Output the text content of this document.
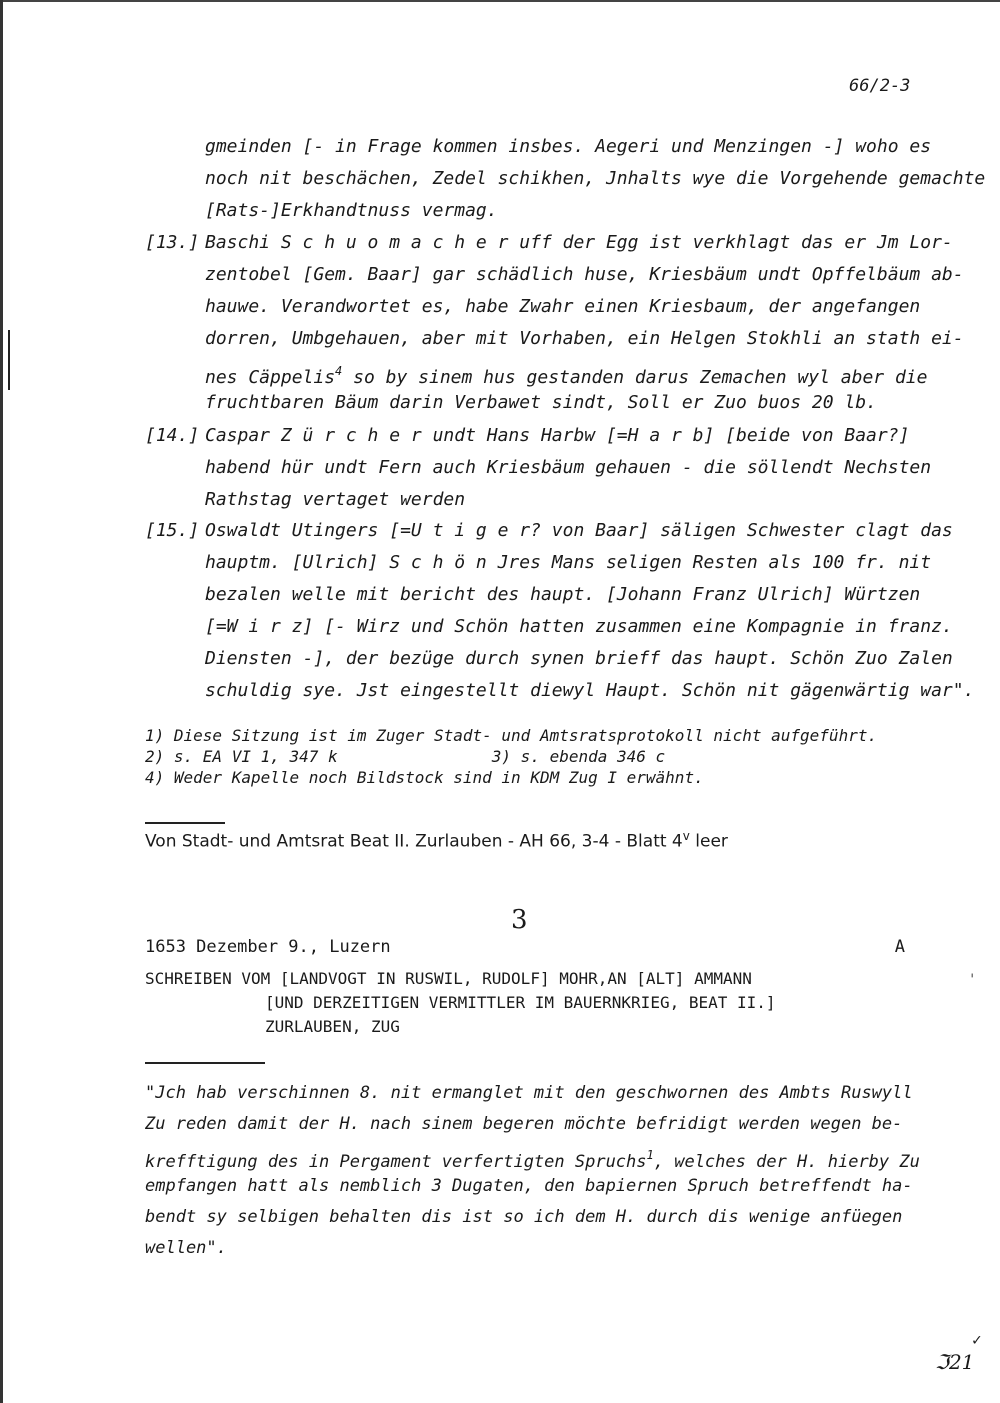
66/2-3
gmeinden [- in Frage kommen insbes. Aegeri und Menzingen -] woho es
noch nit beschächen, Zedel schikhen, Jnhalts wye die Vorgehende gemachte
[Rats-]Erkhandtnuss vermag.
[13.] Baschi S c h u o m a c h e r uff der Egg ist verkhlagt das er Jm Lor-
zentobel [Gem. Baar] gar schädlich huse, Kriesbäum undt Opffelbäum ab-
hauwe. Verandwortet es, habe Zwahr einen Kriesbaum, der angefangen
dorren, Umbgehauen, aber mit Vorhaben, ein Helgen Stokhli an stath ei-
nes Cäppelis$^4$ so by sinem hus gestanden darus Zemachen wyl aber die
fruchtbaren Bäum darin Verbawet sindt, Soll er Zuo buos 20 lb.
[14.] Caspar Z ü r c h e r undt Hans Harbw [=H a r b] [beide von Baar?]
habend hür undt Fern auch Kriesbäum gehauen - die söllendt Nechsten
Rathstag vertaget werden
[15.] Oswaldt Utingers [=U t i g e r? von Baar] säligen Schwester clagt das
hauptm. [Ulrich] S c h ö n Jres Mans seligen Resten als 100 fr. nit
bezalen welle mit bericht des haupt. [Johann Franz Ulrich] Würtzen
[=W i r z] [- Wirz und Schön hatten zusammen eine Kompagnie in franz.
Diensten -], der bezüge durch synen brieff das haupt. Schön Zuo Zalen
schuldig sye. Jst eingestellt diewyl Haupt. Schön nit gägenwärtig war".
1) Diese Sitzung ist im Zuger Stadt- und Amtsratsprotokoll nicht aufgeführt.
2) s. EA VI 1, 347 k                3) s. ebenda 346 c
4) Weder Kapelle noch Bildstock sind in KDM Zug I erwähnt.
Von Stadt- und Amtsrat Beat II. Zurlauben - AH 66, 3-4 - Blatt 4$^v$ leer
3
1653 Dezember 9., Luzern	A
SCHREIBEN VOM [LANDVOGT IN RUSWIL, RUDOLF] MOHR,AN [ALT] AMMANN
[UND DERZEITIGEN VERMITTLER IM BAUERNKRIEG, BEAT II.]
ZURLAUBEN, ZUG
"Jch hab verschinnen 8. nit ermanglet mit den geschwornen des Ambts Ruswyll
Zu reden damit der H. nach sinem begeren möchte befridigt werden wegen be-
krefftigung des in Pergament verfertigten Spruchs$^1$, welches der H. hierby Zu
empfangen hatt als nemblich 3 Dugaten, den bapiernen Spruch betreffendt ha-
bendt sy selbigen behalten dis ist so ich dem H. durch dis wenige anfüegen
wellen".
'
✓
ℑ21
